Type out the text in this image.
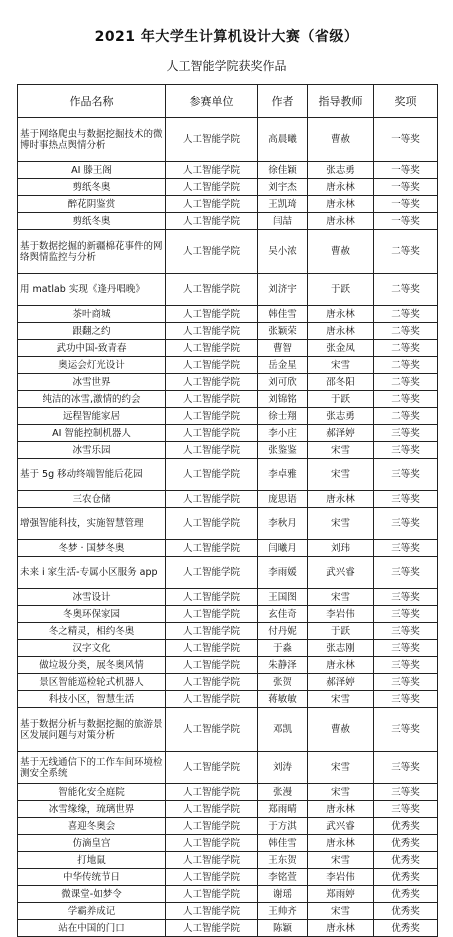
2021 年大学生计算机设计大赛（省级）
人工智能学院获奖作品
作品名称	参赛单位	作者	指导教师	奖项
基于网络爬虫与数据挖掘技术的微博时事热点舆情分析	人工智能学院	高晨曦	曹赦	一等奖
AI 滕王阁	人工智能学院	徐佳颖	张志勇	一等奖
剪纸冬奥	人工智能学院	刘宇杰	唐永林	一等奖
醉花阴鉴赏	人工智能学院	王凯琦	唐永林	一等奖
剪纸冬奥	人工智能学院	闫喆	唐永林	一等奖
基于数据挖掘的新疆棉花事件的网络舆情监控与分析	人工智能学院	吴小浓	曹赦	二等奖
用 matlab 实现《逢丹唱晚》	人工智能学院	刘济宇	于跃	二等奖
茶叶商城	人工智能学院	韩佳雪	唐永林	二等奖
跟翻之约	人工智能学院	张颖荣	唐永林	二等奖
武功中国-致青春	人工智能学院	曹智	张金凤	二等奖
奥运会灯光设计	人工智能学院	岳金星	宋雪	二等奖
冰雪世界	人工智能学院	刘可欣	邵冬阳	二等奖
纯洁的冰雪,激情的约会	人工智能学院	刘锦铭	于跃	二等奖
远程智能家居	人工智能学院	徐士翔	张志勇	二等奖
AI 智能控制机器人	人工智能学院	李小庄	郝泽婷	三等奖
冰雪乐园	人工智能学院	张鉴鉴	宋雪	三等奖
基于 5g 移动终端智能后花园	人工智能学院	李卓雅	宋雪	三等奖
三农仓储	人工智能学院	庞思语	唐永林	三等奖
增强智能科技，实施智慧管理	人工智能学院	李秋月	宋雪	三等奖
冬梦 · 国梦冬奥	人工智能学院	闫曦月	刘玮	三等奖
未来 i 家生活-专属小区服务 app	人工智能学院	李雨媛	武兴睿	三等奖
冰雪设计	人工智能学院	王国图	宋雪	三等奖
冬奥环保家园	人工智能学院	玄佳奇	李岩伟	三等奖
冬之精灵，相约冬奥	人工智能学院	付丹妮	于跃	三等奖
汉字文化	人工智能学院	于淼	张志刚	三等奖
做垃圾分类，展冬奥风情	人工智能学院	朱静泽	唐永林	三等奖
景区智能巡检轮式机器人	人工智能学院	张贺	郝泽婷	三等奖
科技小区，智慧生活	人工智能学院	蒋敏敏	宋雪	三等奖
基于数据分析与数据挖掘的旅游景区发展问题与对策分析	人工智能学院	邓凯	曹赦	三等奖
基于无线通信下的工作车间环境检测安全系统	人工智能学院	刘涛	宋雪	三等奖
智能化安全庭院	人工智能学院	张漫	宋雪	三等奖
冰雪缘缘，琉璃世界	人工智能学院	郑雨晴	唐永林	三等奖
喜迎冬奥会	人工智能学院	于方淇	武兴睿	优秀奖
仿滴皇宫	人工智能学院	韩佳雪	唐永林	优秀奖
打地鼠	人工智能学院	王东贺	宋雪	优秀奖
中华传统节日	人工智能学院	李铭萱	李岩伟	优秀奖
微课堂-如梦令	人工智能学院	谢瑶	郑雨婷	优秀奖
学霸养成记	人工智能学院	王帅齐	宋雪	优秀奖
站在中国的门口	人工智能学院	陈颖	唐永林	优秀奖
